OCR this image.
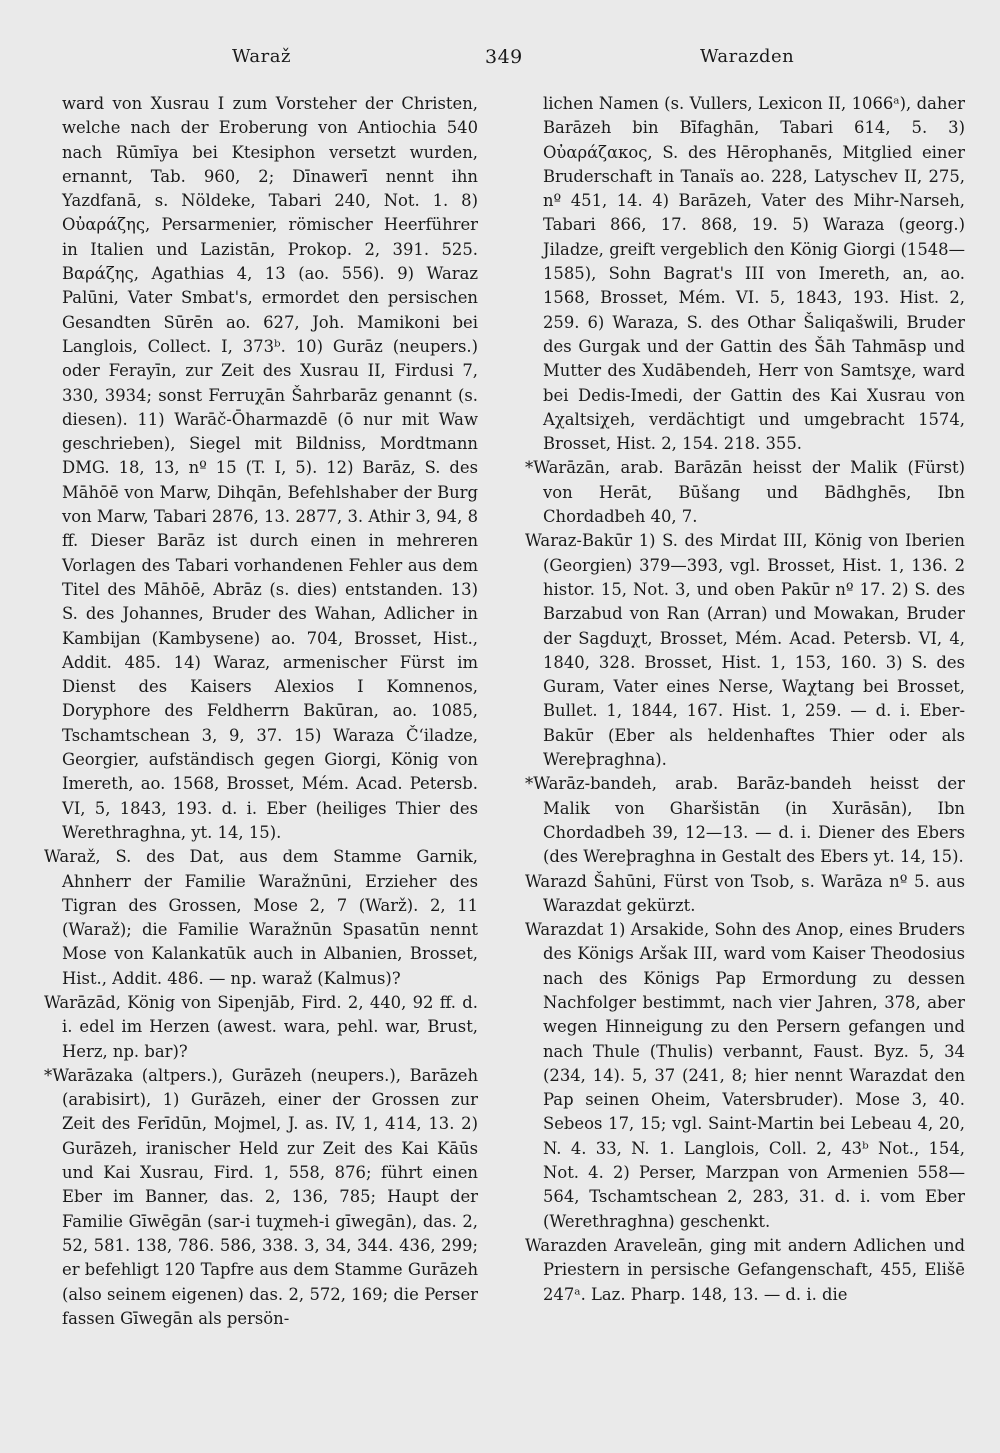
Waraž	349	Warazden

ward von Xusrau I zum Vorsteher der Christen, welche nach der Eroberung von Antiochia 540 nach Rūmīya bei Ktesiphon versetzt wurden, ernannt, Tab. 960, 2; Dīnawerī nennt ihn Yazdfanā, s. Nöldeke, Tabari 240, Not. 1. 8) Οὐαράζης, Persarmenier, römischer Heerführer in Italien und Lazistān, Prokop. 2, 391. 525. Βαράζης, Agathias 4, 13 (ao. 556). 9) Waraz Palūni, Vater Smbat's, ermordet den persischen Gesandten Sūrēn ao. 627, Joh. Mamikoni bei Langlois, Collect. I, 373ᵇ. 10) Gurāz (neupers.) oder Ferayīn, zur Zeit des Xusrau II, Firdusi 7, 330, 3934; sonst Ferruχān Šahrbarāz genannt (s. diesen). 11) Warāč-Ōharmazdē (ō nur mit Waw geschrieben), Siegel mit Bildniss, Mordtmann DMG. 18, 13, nº 15 (T. I, 5). 12) Barāz, S. des Māhōē von Marw, Dihqān, Befehlshaber der Burg von Marw, Tabari 2876, 13. 2877, 3. Athir 3, 94, 8 ff. Dieser Barāz ist durch einen in mehreren Vorlagen des Tabari vorhandenen Fehler aus dem Titel des Māhōē, Abrāz (s. dies) entstanden. 13) S. des Johannes, Bruder des Wahan, Adlicher in Kambijan (Kambysene) ao. 704, Brosset, Hist., Addit. 485. 14) Waraz, armenischer Fürst im Dienst des Kaisers Alexios I Komnenos, Doryphore des Feldherrn Bakūran, ao. 1085, Tschamtschean 3, 9, 37. 15) Waraza Č‘iladze, Georgier, aufständisch gegen Giorgi, König von Imereth, ao. 1568, Brosset, Mém. Acad. Petersb. VI, 5, 1843, 193. d. i. Eber (heiliges Thier des Werethraghna, yt. 14, 15).

Waraž, S. des Dat, aus dem Stamme Garnik, Ahnherr der Familie Waražnūni, Erzieher des Tigran des Grossen, Mose 2, 7 (Warž). 2, 11 (Waraž); die Familie Waražnūn Spasatūn nennt Mose von Kalankatūk auch in Albanien, Brosset, Hist., Addit. 486. — np. waraž (Kalmus)?

Warāzād, König von Sipenjāb, Fird. 2, 440, 92 ff. d. i. edel im Herzen (awest. wara, pehl. war, Brust, Herz, np. bar)?

*Warāzaka (altpers.), Gurāzeh (neupers.), Barāzeh (arabisirt), 1) Gurāzeh, einer der Grossen zur Zeit des Ferīdūn, Mojmel, J. as. IV, 1, 414, 13. 2) Gurāzeh, iranischer Held zur Zeit des Kai Kāūs und Kai Xusrau, Fird. 1, 558, 876; führt einen Eber im Banner, das. 2, 136, 785; Haupt der Familie Gīwēgān (sar-i tuχmeh-i gīwegān), das. 2, 52, 581. 138, 786. 586, 338. 3, 34, 344. 436, 299; er befehligt 120 Tapfre aus dem Stamme Gurāzeh (also seinem eigenen) das. 2, 572, 169; die Perser fassen Gīwegān als persön-

lichen Namen (s. Vullers, Lexicon II, 1066ᵃ), daher Barāzeh bin Bīfaghān, Tabari 614, 5. 3) Οὐαράζακος, S. des Hērophanēs, Mitglied einer Bruderschaft in Tanaïs ao. 228, Latyschev II, 275, nº 451, 14. 4) Barāzeh, Vater des Mihr-Narseh, Tabari 866, 17. 868, 19. 5) Waraza (georg.) Jiladze, greift vergeblich den König Giorgi (1548—1585), Sohn Bagrat's III von Imereth, an, ao. 1568, Brosset, Mém. VI. 5, 1843, 193. Hist. 2, 259. 6) Waraza, S. des Othar Šaliqašwili, Bruder des Gurgak und der Gattin des Šāh Tahmāsp und Mutter des Xudābendeh, Herr von Samtsχe, ward bei Dedis-Imedi, der Gattin des Kai Xusrau von Aχaltsiχeh, verdächtigt und umgebracht 1574, Brosset, Hist. 2, 154. 218. 355.

*Warāzān, arab. Barāzān heisst der Malik (Fürst) von Herāt, Būšang und Bādhghēs, Ibn Chordadbeh 40, 7.

Waraz-Bakūr 1) S. des Mirdat III, König von Iberien (Georgien) 379—393, vgl. Brosset, Hist. 1, 136. 2 histor. 15, Not. 3, und oben Pakūr nº 17. 2) S. des Barzabud von Ran (Arran) und Mowakan, Bruder der Sagduχt, Brosset, Mém. Acad. Petersb. VI, 4, 1840, 328. Brosset, Hist. 1, 153, 160. 3) S. des Guram, Vater eines Nerse, Waχtang bei Brosset, Bullet. 1, 1844, 167. Hist. 1, 259. — d. i. Eber-Bakūr (Eber als heldenhaftes Thier oder als Wereþraghna).

*Warāz-bandeh, arab. Barāz-bandeh heisst der Malik von Gharšistān (in Xurāsān), Ibn Chordadbeh 39, 12—13. — d. i. Diener des Ebers (des Wereþraghna in Gestalt des Ebers yt. 14, 15).

Warazd Šahūni, Fürst von Tsob, s. Warāza nº 5. aus Warazdat gekürzt.

Warazdat 1) Arsakide, Sohn des Anop, eines Bruders des Königs Aršak III, ward vom Kaiser Theodosius nach des Königs Pap Ermordung zu dessen Nachfolger bestimmt, nach vier Jahren, 378, aber wegen Hinneigung zu den Persern gefangen und nach Thule (Thulis) verbannt, Faust. Byz. 5, 34 (234, 14). 5, 37 (241, 8; hier nennt Warazdat den Pap seinen Oheim, Vatersbruder). Mose 3, 40. Sebeos 17, 15; vgl. Saint-Martin bei Lebeau 4, 20, N. 4. 33, N. 1. Langlois, Coll. 2, 43ᵇ Not., 154, Not. 4. 2) Perser, Marzpan von Armenien 558—564, Tschamtschean 2, 283, 31. d. i. vom Eber (Werethraghna) geschenkt.

Warazden Araveleān, ging mit andern Adlichen und Priestern in persische Gefangenschaft, 455, Elišē 247ᵃ. Laz. Pharp. 148, 13. — d. i. die
